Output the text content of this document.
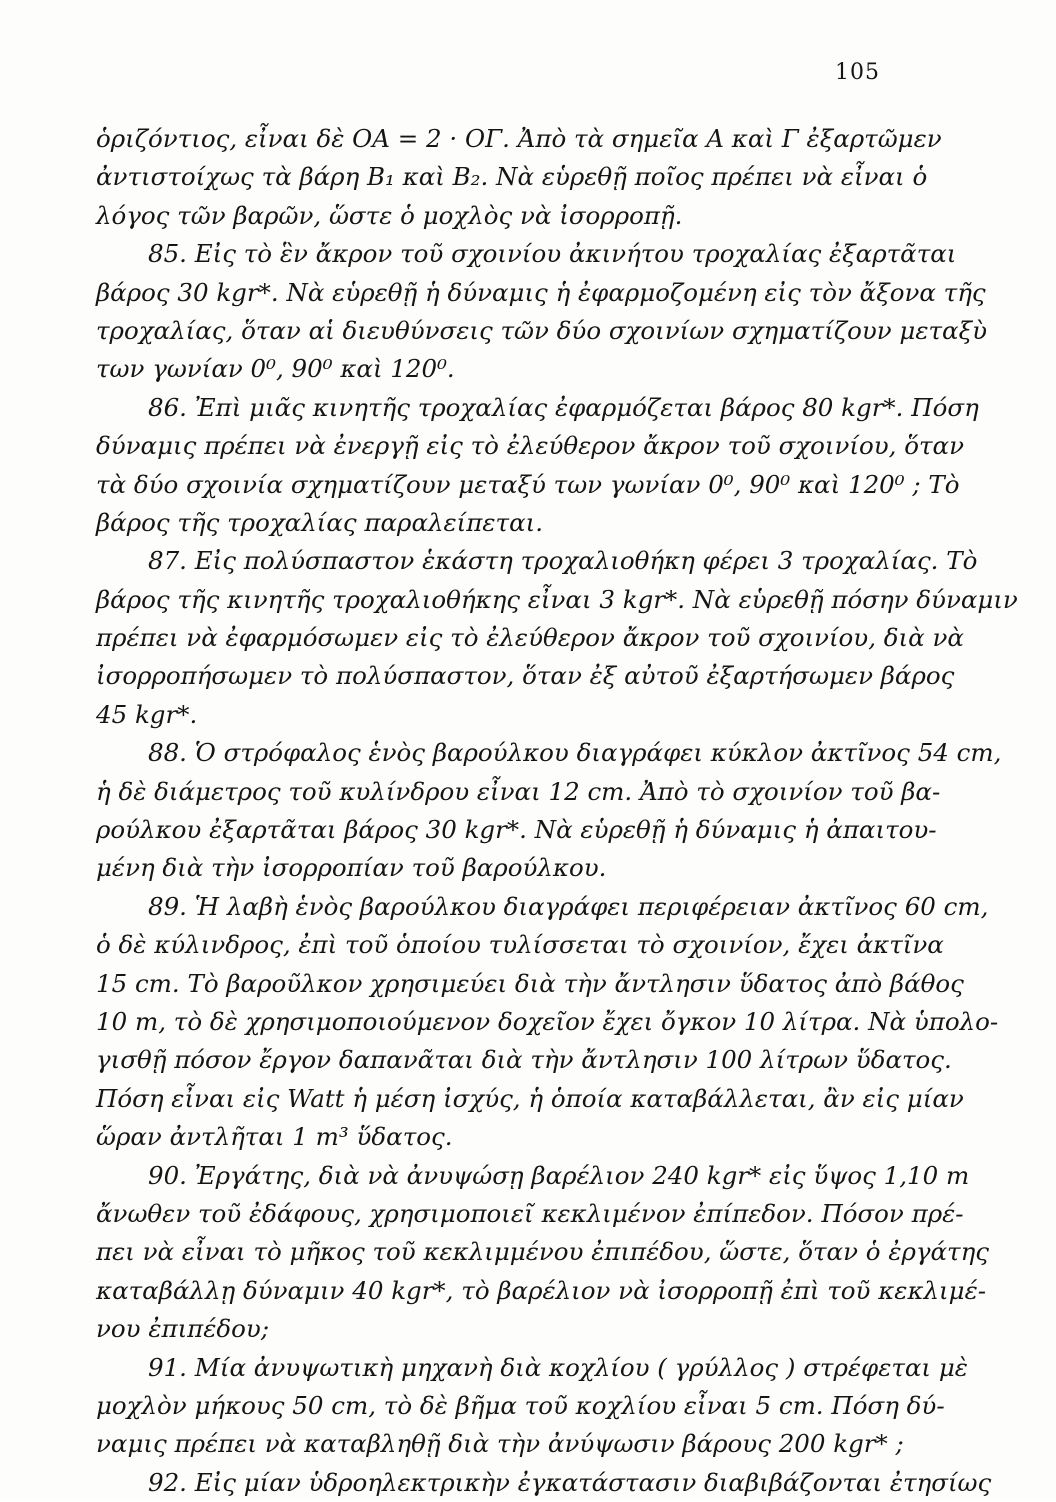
105
ὁριζόντιος, εἶναι δὲ ΟΑ = 2 · ΟΓ. Ἀπὸ τὰ σημεῖα Α καὶ Γ ἐξαρτῶμεν
ἀντιστοίχως τὰ βάρη B₁ καὶ B₂. Νὰ εὑρεθῇ ποῖος πρέπει νὰ εἶναι ὁ
λόγος τῶν βαρῶν, ὥστε ὁ μοχλὸς νὰ ἰσορροπῇ.
85. Εἰς τὸ ἓν ἄκρον τοῦ σχοινίου ἀκινήτου τροχαλίας ἐξαρτᾶται
βάρος 30 kgr*. Νὰ εὑρεθῇ ἡ δύναμις ἡ ἐφαρμοζομένη εἰς τὸν ἄξονα τῆς
τροχαλίας, ὅταν αἱ διευθύνσεις τῶν δύο σχοινίων σχηματίζουν μεταξὺ
των γωνίαν 0⁰, 90⁰ καὶ 120⁰.
86. Ἐπὶ μιᾶς κινητῆς τροχαλίας ἐφαρμόζεται βάρος 80 kgr*. Πόση
δύναμις πρέπει νὰ ἐνεργῇ εἰς τὸ ἐλεύθερον ἄκρον τοῦ σχοινίου, ὅταν
τὰ δύο σχοινία σχηματίζουν μεταξύ των γωνίαν 0⁰, 90⁰ καὶ 120⁰ ; Τὸ
βάρος τῆς τροχαλίας παραλείπεται.
87. Εἰς πολύσπαστον ἑκάστη τροχαλιοθήκη φέρει 3 τροχαλίας. Τὸ
βάρος τῆς κινητῆς τροχαλιοθήκης εἶναι 3 kgr*. Νὰ εὑρεθῇ πόσην δύναμιν
πρέπει νὰ ἐφαρμόσωμεν εἰς τὸ ἐλεύθερον ἄκρον τοῦ σχοινίου, διὰ νὰ
ἰσορροπήσωμεν τὸ πολύσπαστον, ὅταν ἐξ αὐτοῦ ἐξαρτήσωμεν βάρος
45 kgr*.
88. Ὁ στρόφαλος ἑνὸς βαρούλκου διαγράφει κύκλον ἀκτῖνος 54 cm,
ἡ δὲ διάμετρος τοῦ κυλίνδρου εἶναι 12 cm. Ἀπὸ τὸ σχοινίον τοῦ βα-
ρούλκου ἐξαρτᾶται βάρος 30 kgr*. Νὰ εὑρεθῇ ἡ δύναμις ἡ ἀπαιτου-
μένη διὰ τὴν ἰσορροπίαν τοῦ βαρούλκου.
89. Ἡ λαβὴ ἑνὸς βαρούλκου διαγράφει περιφέρειαν ἀκτῖνος 60 cm,
ὁ δὲ κύλινδρος, ἐπὶ τοῦ ὁποίου τυλίσσεται τὸ σχοινίον, ἔχει ἀκτῖνα
15 cm. Τὸ βαροῦλκον χρησιμεύει διὰ τὴν ἄντλησιν ὕδατος ἀπὸ βάθος
10 m, τὸ δὲ χρησιμοποιούμενον δοχεῖον ἔχει ὄγκον 10 λίτρα. Νὰ ὑπολο-
γισθῇ πόσον ἔργον δαπανᾶται διὰ τὴν ἄντλησιν 100 λίτρων ὕδατος.
Πόση εἶναι εἰς Watt ἡ μέση ἰσχύς, ἡ ὁποία καταβάλλεται, ἂν εἰς μίαν
ὥραν ἀντλῆται 1 m³ ὕδατος.
90. Ἐργάτης, διὰ νὰ ἀνυψώσῃ βαρέλιον 240 kgr* εἰς ὕψος 1,10 m
ἄνωθεν τοῦ ἐδάφους, χρησιμοποιεῖ κεκλιμένον ἐπίπεδον. Πόσον πρέ-
πει νὰ εἶναι τὸ μῆκος τοῦ κεκλιμμένου ἐπιπέδου, ὥστε, ὅταν ὁ ἐργάτης
καταβάλλῃ δύναμιν 40 kgr*, τὸ βαρέλιον νὰ ἰσορροπῇ ἐπὶ τοῦ κεκλιμέ-
νου ἐπιπέδου;
91. Μία ἀνυψωτικὴ μηχανὴ διὰ κοχλίου ( γρύλλος ) στρέφεται μὲ
μοχλὸν μήκους 50 cm, τὸ δὲ βῆμα τοῦ κοχλίου εἶναι 5 cm. Πόση δύ-
ναμις πρέπει νὰ καταβληθῇ διὰ τὴν ἀνύψωσιν βάρους 200 kgr* ;
92. Εἰς μίαν ὑδροηλεκτρικὴν ἐγκατάστασιν διαβιβάζονται ἐτησίως
